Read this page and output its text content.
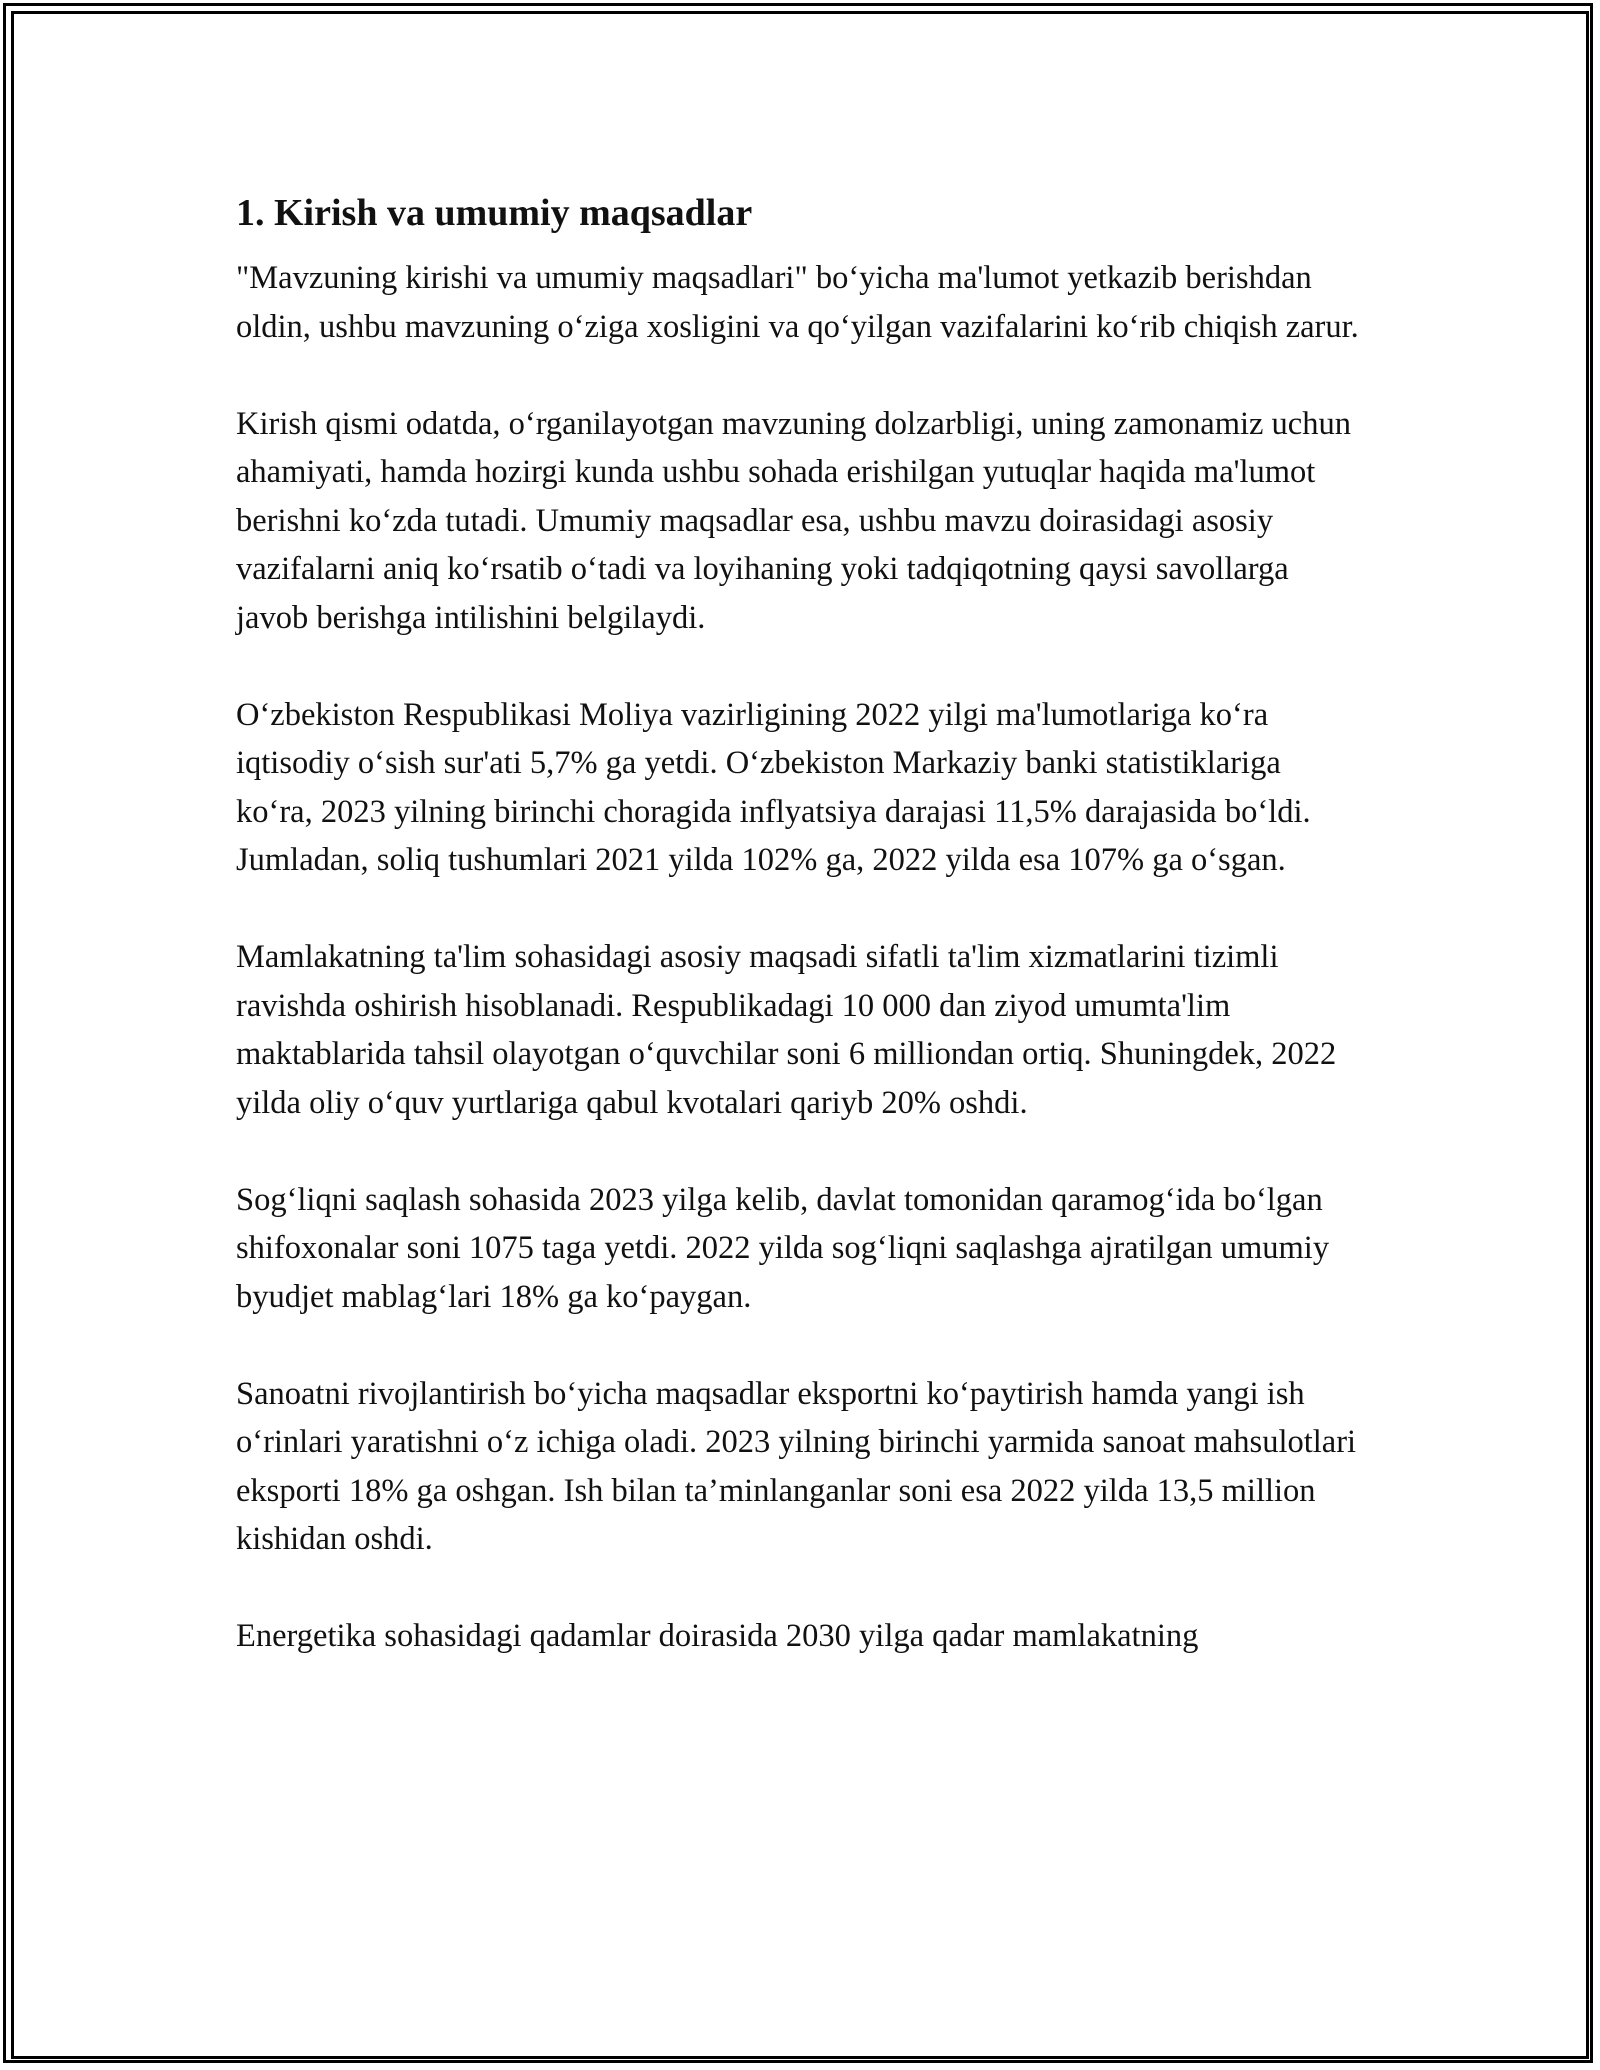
1. Kirish va umumiy maqsadlar

"Mavzuning kirishi va umumiy maqsadlari" bo‘yicha ma'lumot yetkazib berishdan oldin, ushbu mavzuning o‘ziga xosligini va qo‘yilgan vazifalarini ko‘rib chiqish zarur.

Kirish qismi odatda, o‘rganilayotgan mavzuning dolzarbligi, uning zamonamiz uchun ahamiyati, hamda hozirgi kunda ushbu sohada erishilgan yutuqlar haqida ma'lumot berishni ko‘zda tutadi. Umumiy maqsadlar esa, ushbu mavzu doirasidagi asosiy vazifalarni aniq ko‘rsatib o‘tadi va loyihaning yoki tadqiqotning qaysi savollarga javob berishga intilishini belgilaydi.

O‘zbekiston Respublikasi Moliya vazirligining 2022 yilgi ma'lumotlariga ko‘ra iqtisodiy o‘sish sur'ati 5,7% ga yetdi. O‘zbekiston Markaziy banki statistiklariga ko‘ra, 2023 yilning birinchi choragida inflyatsiya darajasi 11,5% darajasida bo‘ldi. Jumladan, soliq tushumlari 2021 yilda 102% ga, 2022 yilda esa 107% ga o‘sgan.

Mamlakatning ta'lim sohasidagi asosiy maqsadi sifatli ta'lim xizmatlarini tizimli ravishda oshirish hisoblanadi. Respublikadagi 10 000 dan ziyod umumta'lim maktablarida tahsil olayotgan o‘quvchilar soni 6 milliondan ortiq. Shuningdek, 2022 yilda oliy o‘quv yurtlariga qabul kvotalari qariyb 20% oshdi.

Sog‘liqni saqlash sohasida 2023 yilga kelib, davlat tomonidan qaramog‘ida bo‘lgan shifoxonalar soni 1075 taga yetdi. 2022 yilda sog‘liqni saqlashga ajratilgan umumiy byudjet mablag‘lari 18% ga ko‘paygan.

Sanoatni rivojlantirish bo‘yicha maqsadlar eksportni ko‘paytirish hamda yangi ish o‘rinlari yaratishni o‘z ichiga oladi. 2023 yilning birinchi yarmida sanoat mahsulotlari eksporti 18% ga oshgan. Ish bilan ta’minlanganlar soni esa 2022 yilda 13,5 million kishidan oshdi.

Energetika sohasidagi qadamlar doirasida 2030 yilga qadar mamlakatning
